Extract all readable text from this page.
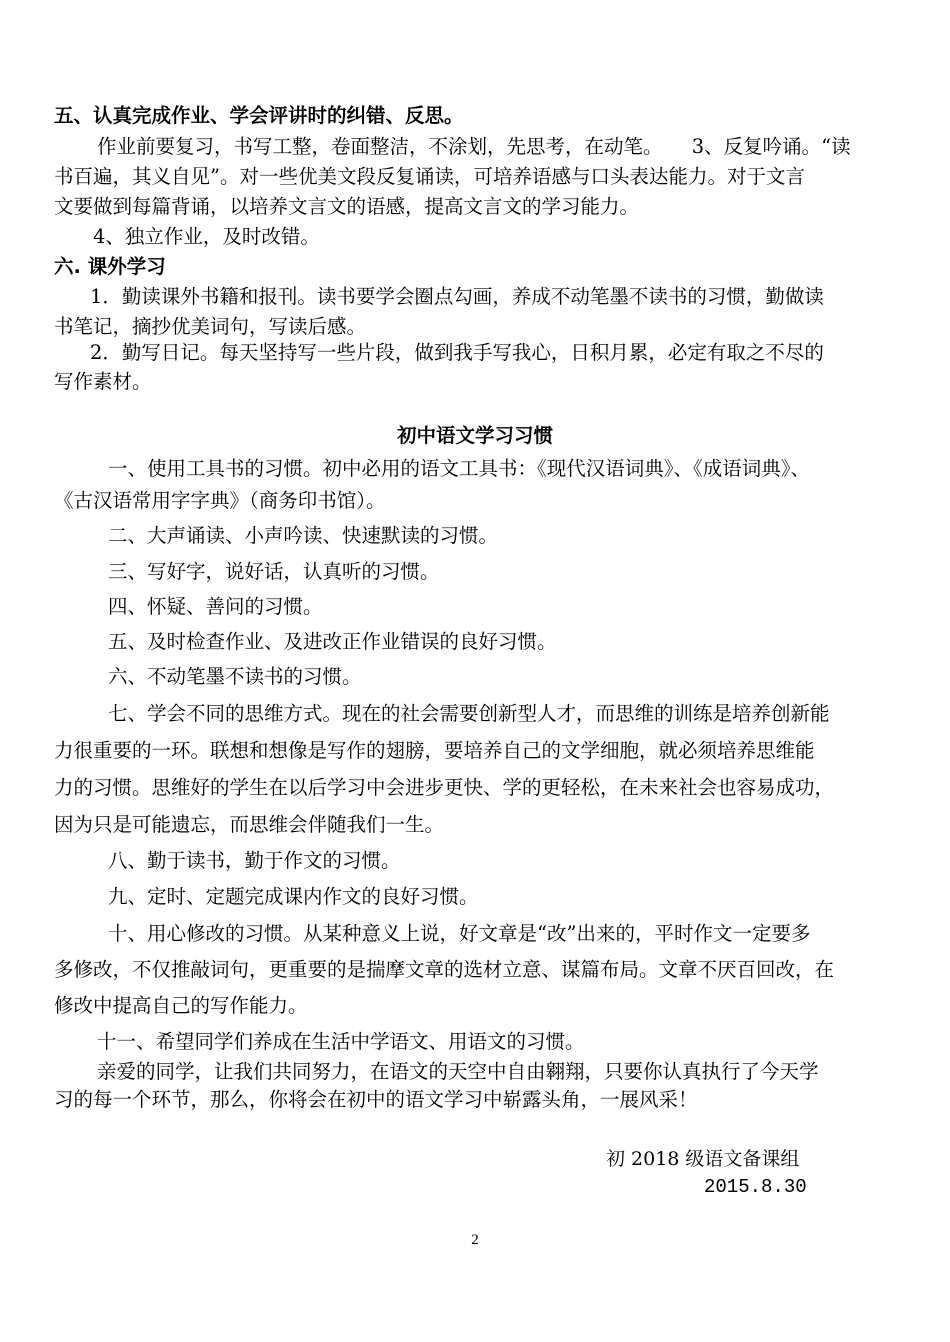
五、认真完成作业、学会评讲时的纠错、反思。
作业前要复习，书写工整，卷面整洁，不涂划，先思考，在动笔。　　3、反复吟诵。“读
书百遍，其义自见”。对一些优美文段反复诵读，可培养语感与口头表达能力。对于文言
文要做到每篇背诵，以培养文言文的语感，提高文言文的学习能力。
4、独立作业，及时改错。
六. 课外学习
1．勤读课外书籍和报刊。读书要学会圈点勾画，养成不动笔墨不读书的习惯，勤做读
书笔记，摘抄优美词句，写读后感。
2．勤写日记。每天坚持写一些片段，做到我手写我心，日积月累，必定有取之不尽的
写作素材。
初中语文学习习惯
一、使用工具书的习惯。初中必用的语文工具书：《现代汉语词典》、《成语词典》、
《古汉语常用字字典》（商务印书馆）。
二、大声诵读、小声吟读、快速默读的习惯。
三、写好字，说好话，认真听的习惯。
四、怀疑、善问的习惯。
五、及时检查作业、及进改正作业错误的良好习惯。
六、不动笔墨不读书的习惯。
七、学会不同的思维方式。现在的社会需要创新型人才，而思维的训练是培养创新能
力很重要的一环。联想和想像是写作的翅膀，要培养自己的文学细胞，就必须培养思维能
力的习惯。思维好的学生在以后学习中会进步更快、学的更轻松，在未来社会也容易成功，
因为只是可能遗忘，而思维会伴随我们一生。
八、勤于读书，勤于作文的习惯。
九、定时、定题完成课内作文的良好习惯。
十、用心修改的习惯。从某种意义上说，好文章是“改”出来的，平时作文一定要多
多修改，不仅推敲词句，更重要的是揣摩文章的选材立意、谋篇布局。文章不厌百回改，在
修改中提高自己的写作能力。
十一、希望同学们养成在生活中学语文、用语文的习惯。
亲爱的同学，让我们共同努力，在语文的天空中自由翱翔，只要你认真执行了今天学
习的每一个环节，那么，你将会在初中的语文学习中崭露头角，一展风采！
初 2018 级语文备课组
2015.8.30
2
